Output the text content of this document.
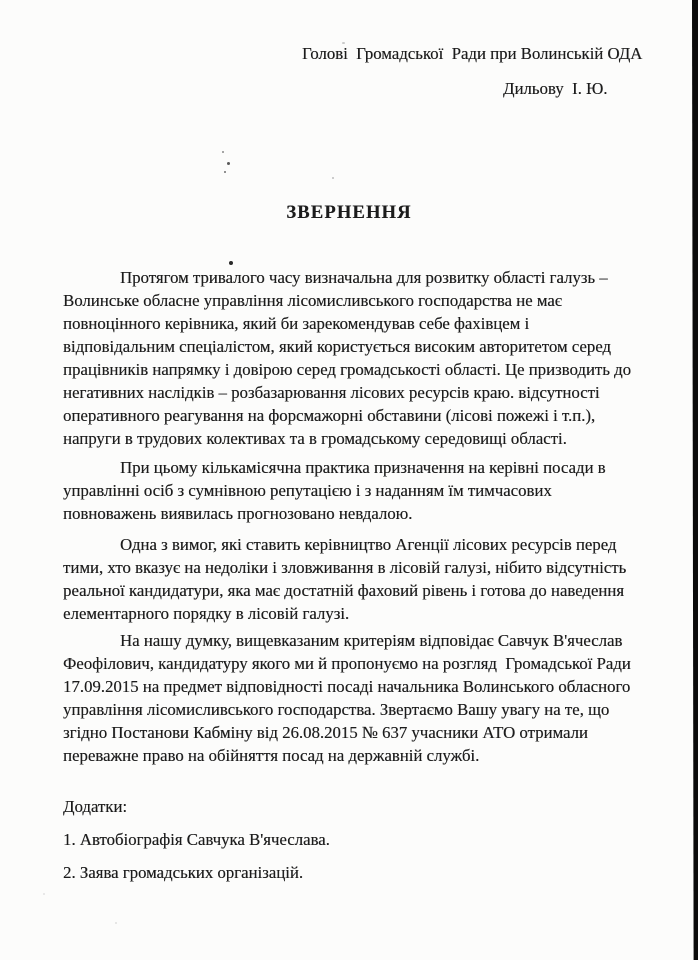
Голові  Громадської  Ради при Волинській ОДА
Дильову  І. Ю.
ЗВЕРНЕННЯ
Протягом тривалого часу визначальна для розвитку області галузь –
Волинське обласне управління лісомисливського господарства не має
повноцінного керівника, який би зарекомендував себе фахівцем і
відповідальним спеціалістом, який користується високим авторитетом серед
працівників напрямку і довірою серед громадськості області. Це призводить до
негативних наслідків – розбазарювання лісових ресурсів краю. відсутності
оперативного реагування на форсмажорні обставини (лісові пожежі і т.п.),
напруги в трудових колективах та в громадському середовищі області.
При цьому кількамісячна практика призначення на керівні посади в
управлінні осіб з сумнівною репутацією і з наданням їм тимчасових
повноважень виявилась прогнозовано невдалою.
Одна з вимог, які ставить керівництво Агенції лісових ресурсів перед
тими, хто вказує на недоліки і зловживання в лісовій галузі, нібито відсутність
реальної кандидатури, яка має достатній фаховий рівень і готова до наведення
елементарного порядку в лісовій галузі.
На нашу думку, вищевказаним критеріям відповідає Савчук В'ячеслав
Феофілович, кандидатуру якого ми й пропонуємо на розгляд  Громадської Ради
17.09.2015 на предмет відповідності посаді начальника Волинського обласного
управління лісомисливського господарства. Звертаємо Вашу увагу на те, що
згідно Постанови Кабміну від 26.08.2015 № 637 учасники АТО отримали
переважне право на обійняття посад на державній службі.
Додатки:
1. Автобіографія Савчука В'ячеслава.
2. Заява громадських організацій.
